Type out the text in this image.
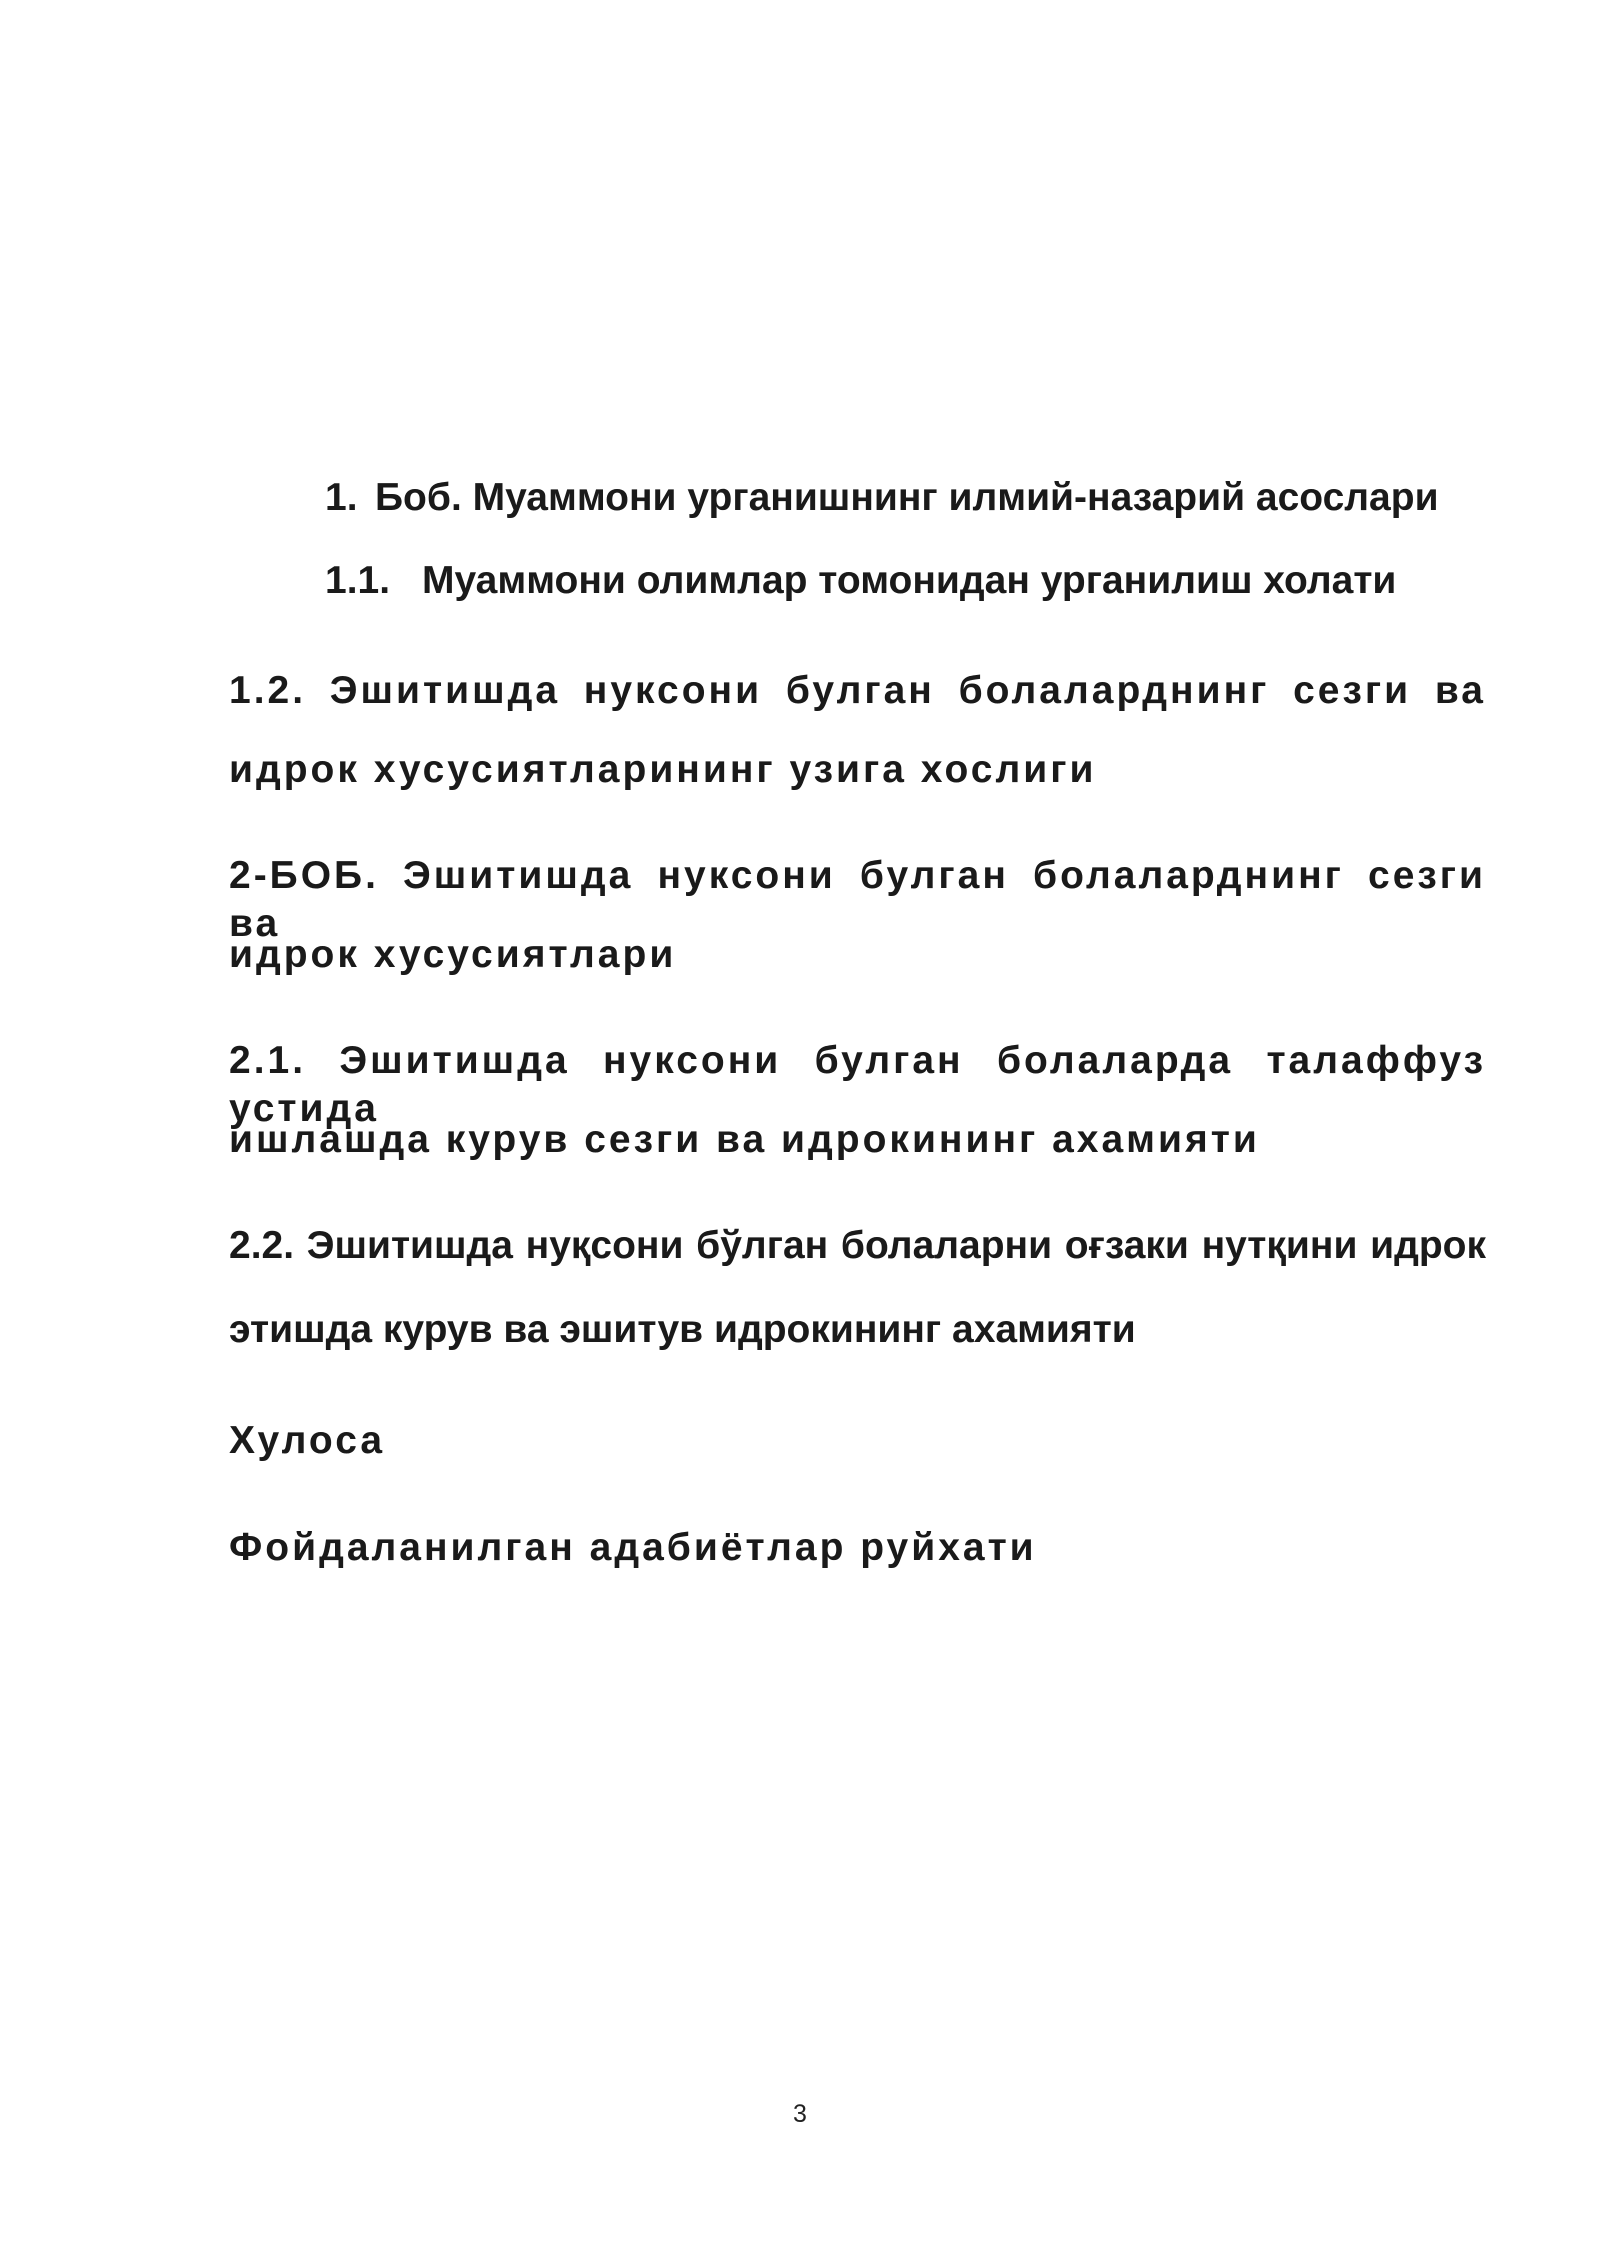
1. Боб. Муаммони урганишнинг илмий-назарий асослари
1.1. Муаммони олимлар томонидан урганилиш холати
1.2. Эшитишда нуксони булган болаларднинг сезги ва
идрок хусусиятларининг узига хослиги
2-БОБ. Эшитишда нуксони булган болаларднинг сезги ва
идрок хусусиятлари
2.1. Эшитишда нуксони булган болаларда талаффуз устида
ишлашда курув сезги ва идрокининг ахамияти
2.2. Эшитишда нуқсони бўлган болаларни оғзаки нутқини идрок
этишда курув ва эшитув идрокининг ахамияти
Хулоса
Фойдаланилган адабиётлар руйхати
3
